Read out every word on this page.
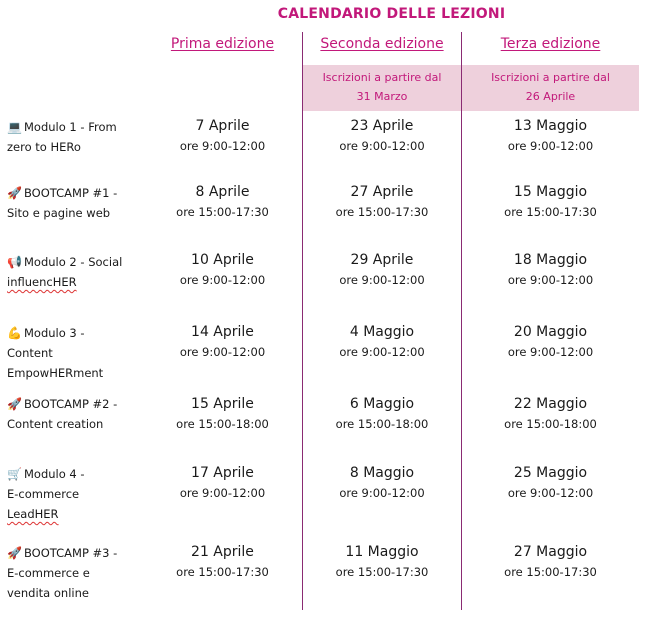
CALENDARIO DELLE LEZIONI
Prima edizione	Seconda edizione	Terza edizione
Iscrizioni a partire dal
31 Marzo
Iscrizioni a partire dal
26 Aprile
💻 Modulo 1 - From
zero to HERo
7 Aprile
ore 9:00-12:00
23 Aprile
ore 9:00-12:00
13 Maggio
ore 9:00-12:00
🚀 BOOTCAMP #1 -
Sito e pagine web
8 Aprile
ore 15:00-17:30
27 Aprile
ore 15:00-17:30
15 Maggio
ore 15:00-17:30
📢 Modulo 2 - Social
influencHER
10 Aprile
ore 9:00-12:00
29 Aprile
ore 9:00-12:00
18 Maggio
ore 9:00-12:00
💪 Modulo 3 -
Content
EmpowHERment
14 Aprile
ore 9:00-12:00
4 Maggio
ore 9:00-12:00
20 Maggio
ore 9:00-12:00
🚀 BOOTCAMP #2 -
Content creation
15 Aprile
ore 15:00-18:00
6 Maggio
ore 15:00-18:00
22 Maggio
ore 15:00-18:00
🛒 Modulo 4 -
E-commerce
LeadHER
17 Aprile
ore 9:00-12:00
8 Maggio
ore 9:00-12:00
25 Maggio
ore 9:00-12:00
🚀 BOOTCAMP #3 -
E-commerce e
vendita online
21 Aprile
ore 15:00-17:30
11 Maggio
ore 15:00-17:30
27 Maggio
ore 15:00-17:30
